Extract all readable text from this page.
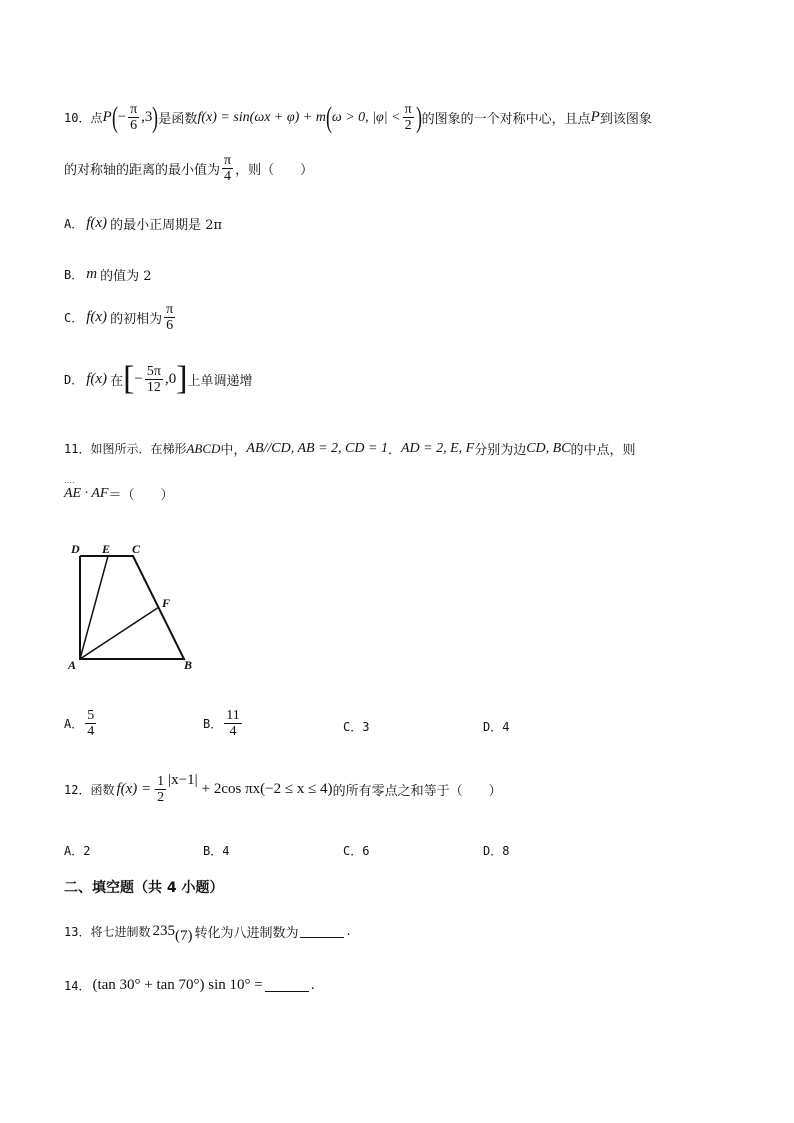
10．点 P ( − $\frac{\pi}{6} ,3$ ) 是函数 f(x) = sin(ωx + φ) + m ( ω > 0, $|\varphi| < \frac{\pi}{2}$ ) 的图象的一个对称中心，且点 P 到该图象
的对称轴的距离的最小值为 $\frac{\pi}{4}$ ，则（　　）
A． f(x) 的最小正周期是 2π
B． m 的值为 2
C． f(x) 的初相为 $\frac{\pi}{6}$
D． f(x) 在 [ − $\frac{5\pi}{12} ,0$ ] 上单调递增
11．如图所示．在梯形 ABCD 中， AB//CD, AB = 2, CD = 1 ． AD = 2, E, F 分别为边 CD, BC 的中点，则
‥‥ AE · AF ＝（　　）
D E C
F
A	B
A． $\frac{5}{4}$	B． $\frac{11}{4}$	C． 3	D． 4
12．函数 $f(x) = \frac{1}{2} |x-1|$
+ 2cos πx(−2 ≤ x ≤ 4) 的所有零点之和等于（　　）
A． 2	B． 4	C． 6	D． 8
二、填空题（共 4 小题）
13．将七进制数 235 (7) 转化为八进制数为	.
14． (tan 30° + tan 70°) sin 10° =	.
